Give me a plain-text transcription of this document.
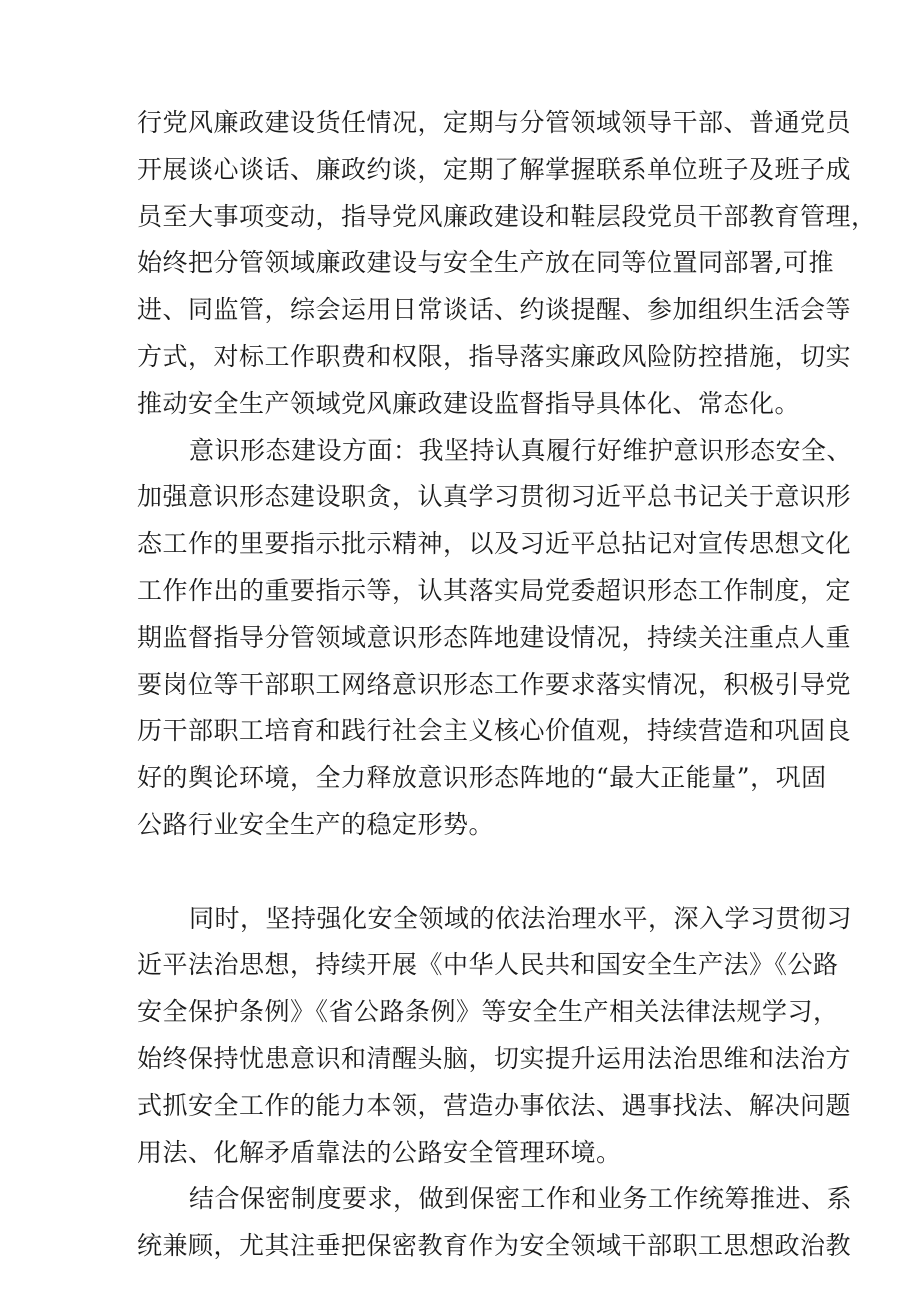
行党风廉政建设货任情况，定期与分管领域领导干部、普通党员
开展谈心谈话、廉政约谈，定期了解掌握联系单位班子及班子成
员至大事项变动，指导党风廉政建设和鞋层段党员干部教育管理，
始终把分管领域廉政建设与安全生产放在同等位置同部署,可推
进、同监管，综会运用日常谈话、约谈提醒、参加组织生活会等
方式，对标工作职费和权限，指导落实廉政风险防控措施，切实
推动安全生产领域党风廉政建设监督指导具体化、常态化。
意识形态建设方面：我坚持认真履行好维护意识形态安全、
加强意识形态建设职贪，认真学习贯彻习近平总书记关于意识形
态工作的里要指示批示精神，以及习近平总拈记对宣传思想文化
工作作出的重要指示等，认其落实局党委超识形态工作制度，定
期监督指导分管领域意识形态阵地建设情况，持续关注重点人重
要岗位等干部职工网络意识形态工作要求落实情况，积极引导党
历干部职工培育和践行社会主义核心价值观，持续营造和巩固良
好的舆论环境，全力释放意识形态阵地的“最大正能量”，巩固
公路行业安全生产的稳定形势。
同时，坚持强化安全领域的依法治理水平，深入学习贯彻习
近平法治思想，持续开展《中华人民共和国安全生产法》《公路
安全保护条例》《省公路条例》等安全生产相关法律法规学习，
始终保持忧患意识和清醒头脑，切实提升运用法治思维和法治方
式抓安全工作的能力本领，营造办事依法、遇事找法、解决问题
用法、化解矛盾靠法的公路安全管理环境。
结合保密制度要求，做到保密工作和业务工作统筹推进、系
统兼顾，尤其注垂把保密教育作为安全领域干部职工思想政治教
